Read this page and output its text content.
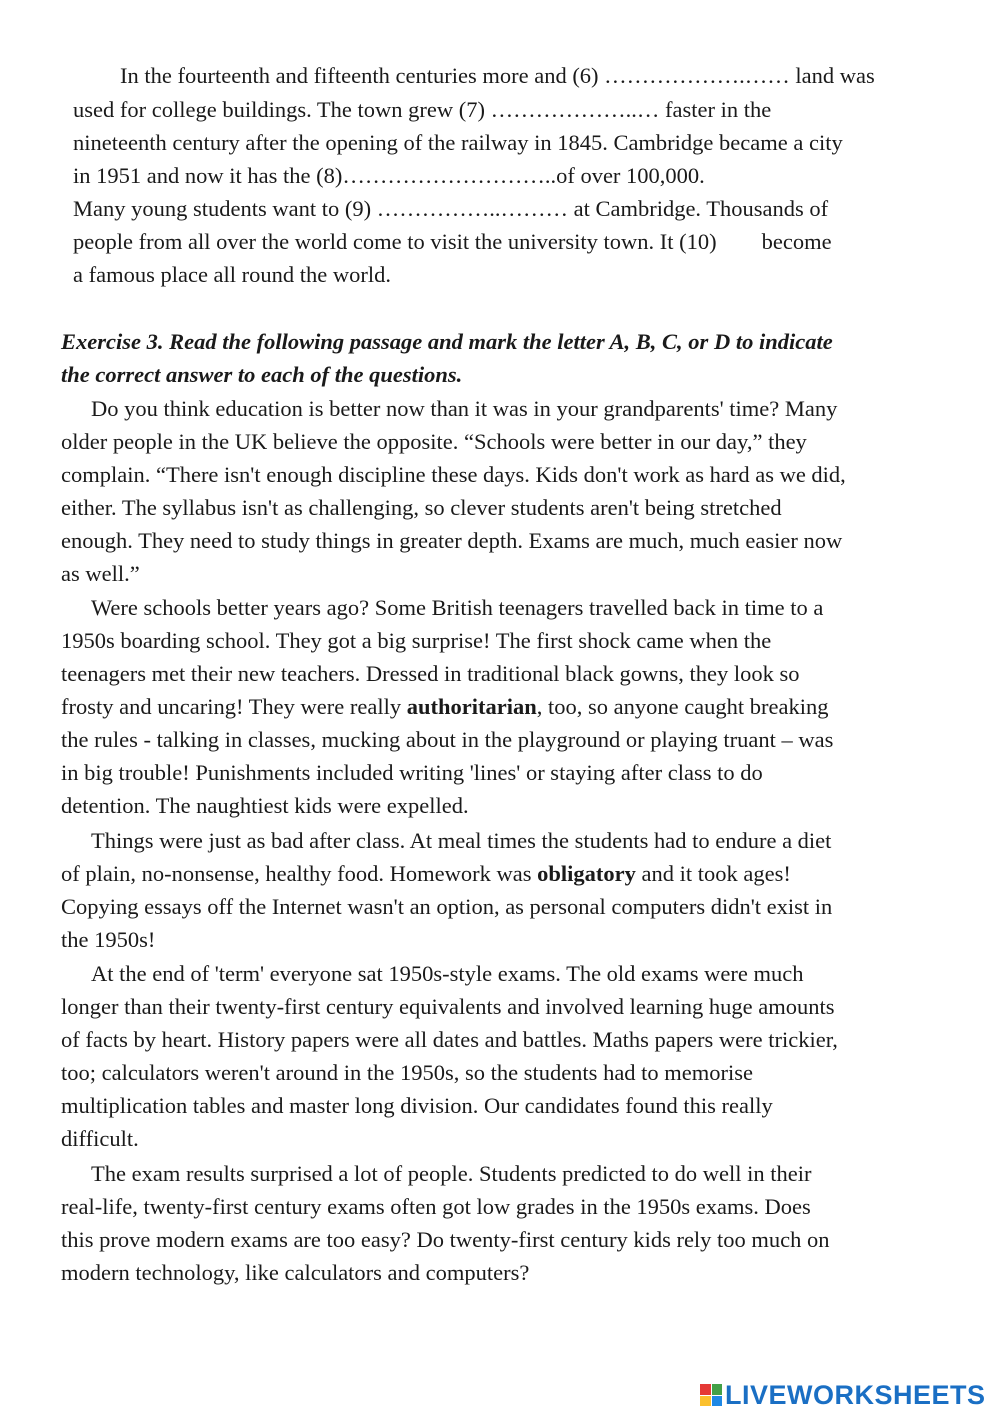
In the fourteenth and fifteenth centuries more and (6) ……………….…… land was
used for college buildings. The town grew (7) ………………..… faster in the
nineteenth century after the opening of the railway in 1845. Cambridge became a city
in 1951 and now it has the (8)………………………..of over 100,000.
Many young students want to (9) ……………..……… at Cambridge. Thousands of
people from all over the world come to visit the university town. It (10)        become
a famous place all round the world.
Exercise 3. Read the following passage and mark the letter A, B, C, or D to indicate
the correct answer to each of the questions.
Do you think education is better now than it was in your grandparents' time? Many
older people in the UK believe the opposite. “Schools were better in our day,” they
complain. “There isn't enough discipline these days. Kids don't work as hard as we did,
either. The syllabus isn't as challenging, so clever students aren't being stretched
enough. They need to study things in greater depth. Exams are much, much easier now
as well.”
Were schools better years ago? Some British teenagers travelled back in time to a
1950s boarding school. They got a big surprise! The first shock came when the
teenagers met their new teachers. Dressed in traditional black gowns, they look so
frosty and uncaring! They were really authoritarian, too, so anyone caught breaking
the rules - talking in classes, mucking about in the playground or playing truant – was
in big trouble! Punishments included writing 'lines' or staying after class to do
detention. The naughtiest kids were expelled.
Things were just as bad after class. At meal times the students had to endure a diet
of plain, no-nonsense, healthy food. Homework was obligatory and it took ages!
Copying essays off the Internet wasn't an option, as personal computers didn't exist in
the 1950s!
At the end of 'term' everyone sat 1950s-style exams. The old exams were much
longer than their twenty-first century equivalents and involved learning huge amounts
of facts by heart. History papers were all dates and battles. Maths papers were trickier,
too; calculators weren't around in the 1950s, so the students had to memorise
multiplication tables and master long division. Our candidates found this really
difficult.
The exam results surprised a lot of people. Students predicted to do well in their
real-life, twenty-first century exams often got low grades in the 1950s exams. Does
this prove modern exams are too easy? Do twenty-first century kids rely too much on
modern technology, like calculators and computers?
LIVEWORKSHEETS
